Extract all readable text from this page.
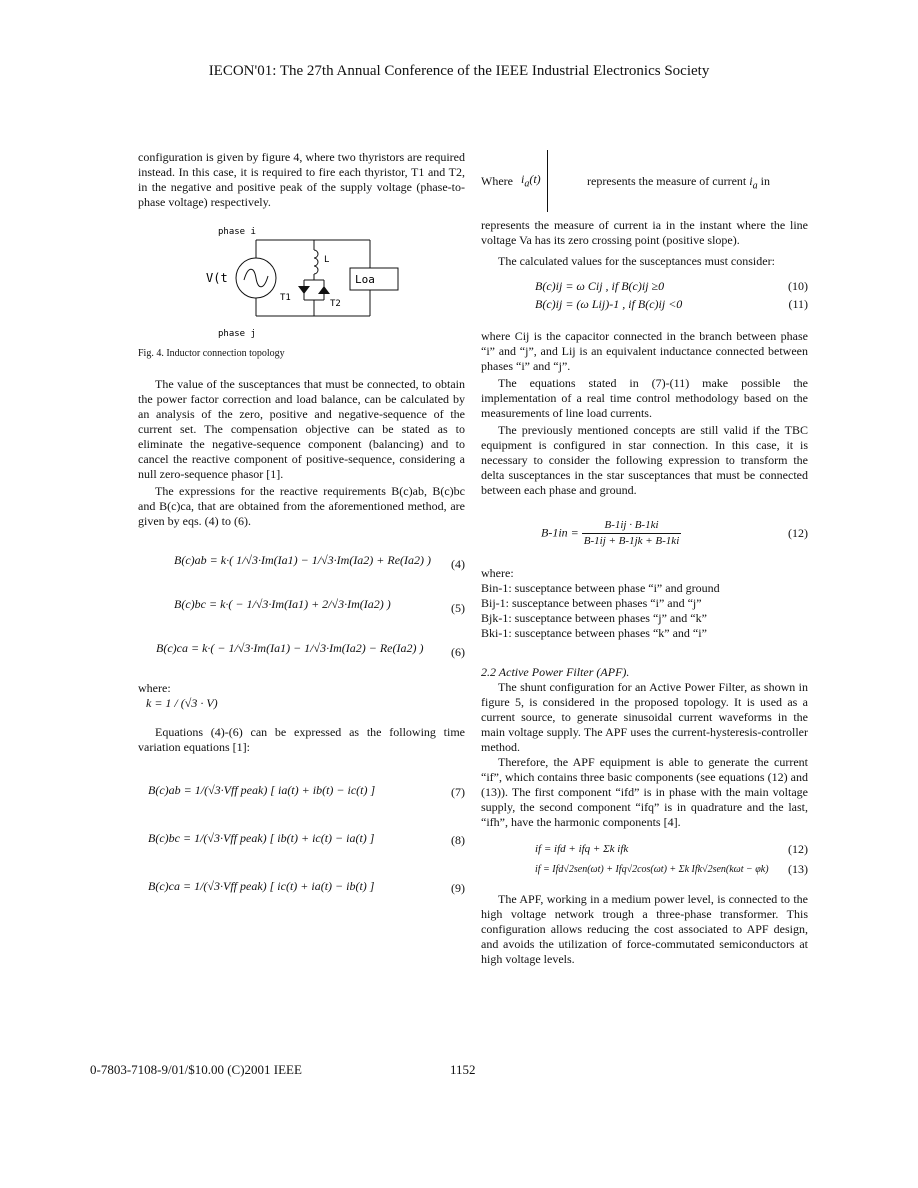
IECON'01: The 27th Annual Conference of the IEEE Industrial Electronics Society

configuration is given by figure 4, where two thyristors are required instead. In this case, it is required to fire each thyristor, T1 and T2, in the negative and positive peak of the supply voltage (phase-to-phase voltage) respectively.

phase i
phase j
V(t
L
T1
T2
Loa

Fig. 4. Inductor connection topology

The value of the susceptances that must be connected, to obtain the power factor correction and load balance, can be calculated by an analysis of the zero, positive and negative-sequence of the current set. The compensation objective can be stated as to eliminate the negative-sequence component (balancing) and to cancel the reactive component of positive-sequence, considering a null zero-sequence phasor [1].

The expressions for the reactive requirements B(c)ab, B(c)bc and B(c)ca, that are obtained from the aforementioned method, are given by eqs. (4) to (6).

B(c)ab = k·( 1/√3·Im(Ia1) − 1/√3·Im(Ia2) + Re(Ia2) ) (4)
B(c)bc = k·( − 1/√3·Im(Ia1) + 2/√3·Im(Ia2) )	(5)
B(c)ca = k·( − 1/√3·Im(Ia1) − 1/√3·Im(Ia2) − Re(Ia2) ) (6)

where:

k = 1 / (√3 · V)

Equations (4)-(6) can be expressed as the following time variation equations [1]:

B(c)ab = 1/(√3·Vff peak) [ ia(t) + ib(t) − ic(t) ]	(7)
B(c)bc = 1/(√3·Vff peak) [ ib(t) + ic(t) − ia(t) ]	(8)
B(c)ca = 1/(√3·Vff peak) [ ic(t) + ia(t) − ib(t) ]	(9)
Where $i_a(t)$	represents the measure of current $i_a$ in

represents the measure of current ia in the instant where the line voltage Va has its zero crossing point (positive slope).

The calculated values for the susceptances must consider:

B(c)ij = ω Cij , if B(c)ij ≥0	(10)
B(c)ij = (ω Lij)-1 , if B(c)ij <0	(11)

where Cij is the capacitor connected in the branch between phase “i” and “j”, and Lij is an equivalent inductance connected between phases “i” and “j”.

The equations stated in (7)-(11) make possible the implementation of a real time control methodology based on the measurements of line load currents.

The previously mentioned concepts are still valid if the TBC equipment is configured in star connection. In this case, it is necessary to consider the following expression to transform the delta susceptances in the star susceptances that must be connected between each phase and ground.

$B-1in = \frac{B-1ij \cdot B-1ki}{B-1ij + B-1jk + B-1ki}$	(12)

where:

Bin-1: susceptance between phase “i” and ground

Bij-1: susceptance between phases “i” and “j”

Bjk-1: susceptance between phases “j” and “k”

Bki-1: susceptance between phases “k” and “i”

2.2 Active Power Filter (APF).

The shunt configuration for an Active Power Filter, as shown in figure 5, is considered in the proposed topology. It is used as a current source, to generate sinusoidal current waveforms in the main voltage supply. The APF uses the current-hysteresis-controller method.

Therefore, the APF equipment is able to generate the current “if”, which contains three basic components (see equations (12) and (13)). The first component “ifd” is in phase with the main voltage supply, the second component “ifq” is in quadrature and the last, “ifh”, have the harmonic components [4].

if = ifd + ifq + Σk ifk	(12)
if = Ifd√2sen(ωt) + Ifq√2cos(ωt) + Σk Ifk√2sen(kωt − φk) (13)

The APF, working in a medium power level, is connected to the high voltage network trough a three-phase transformer. This configuration allows reducing the cost associated to APF design, and avoids the utilization of force-commutated semiconductors at high voltage levels.

0-7803-7108-9/01/$10.00 (C)2001 IEEE	1152
